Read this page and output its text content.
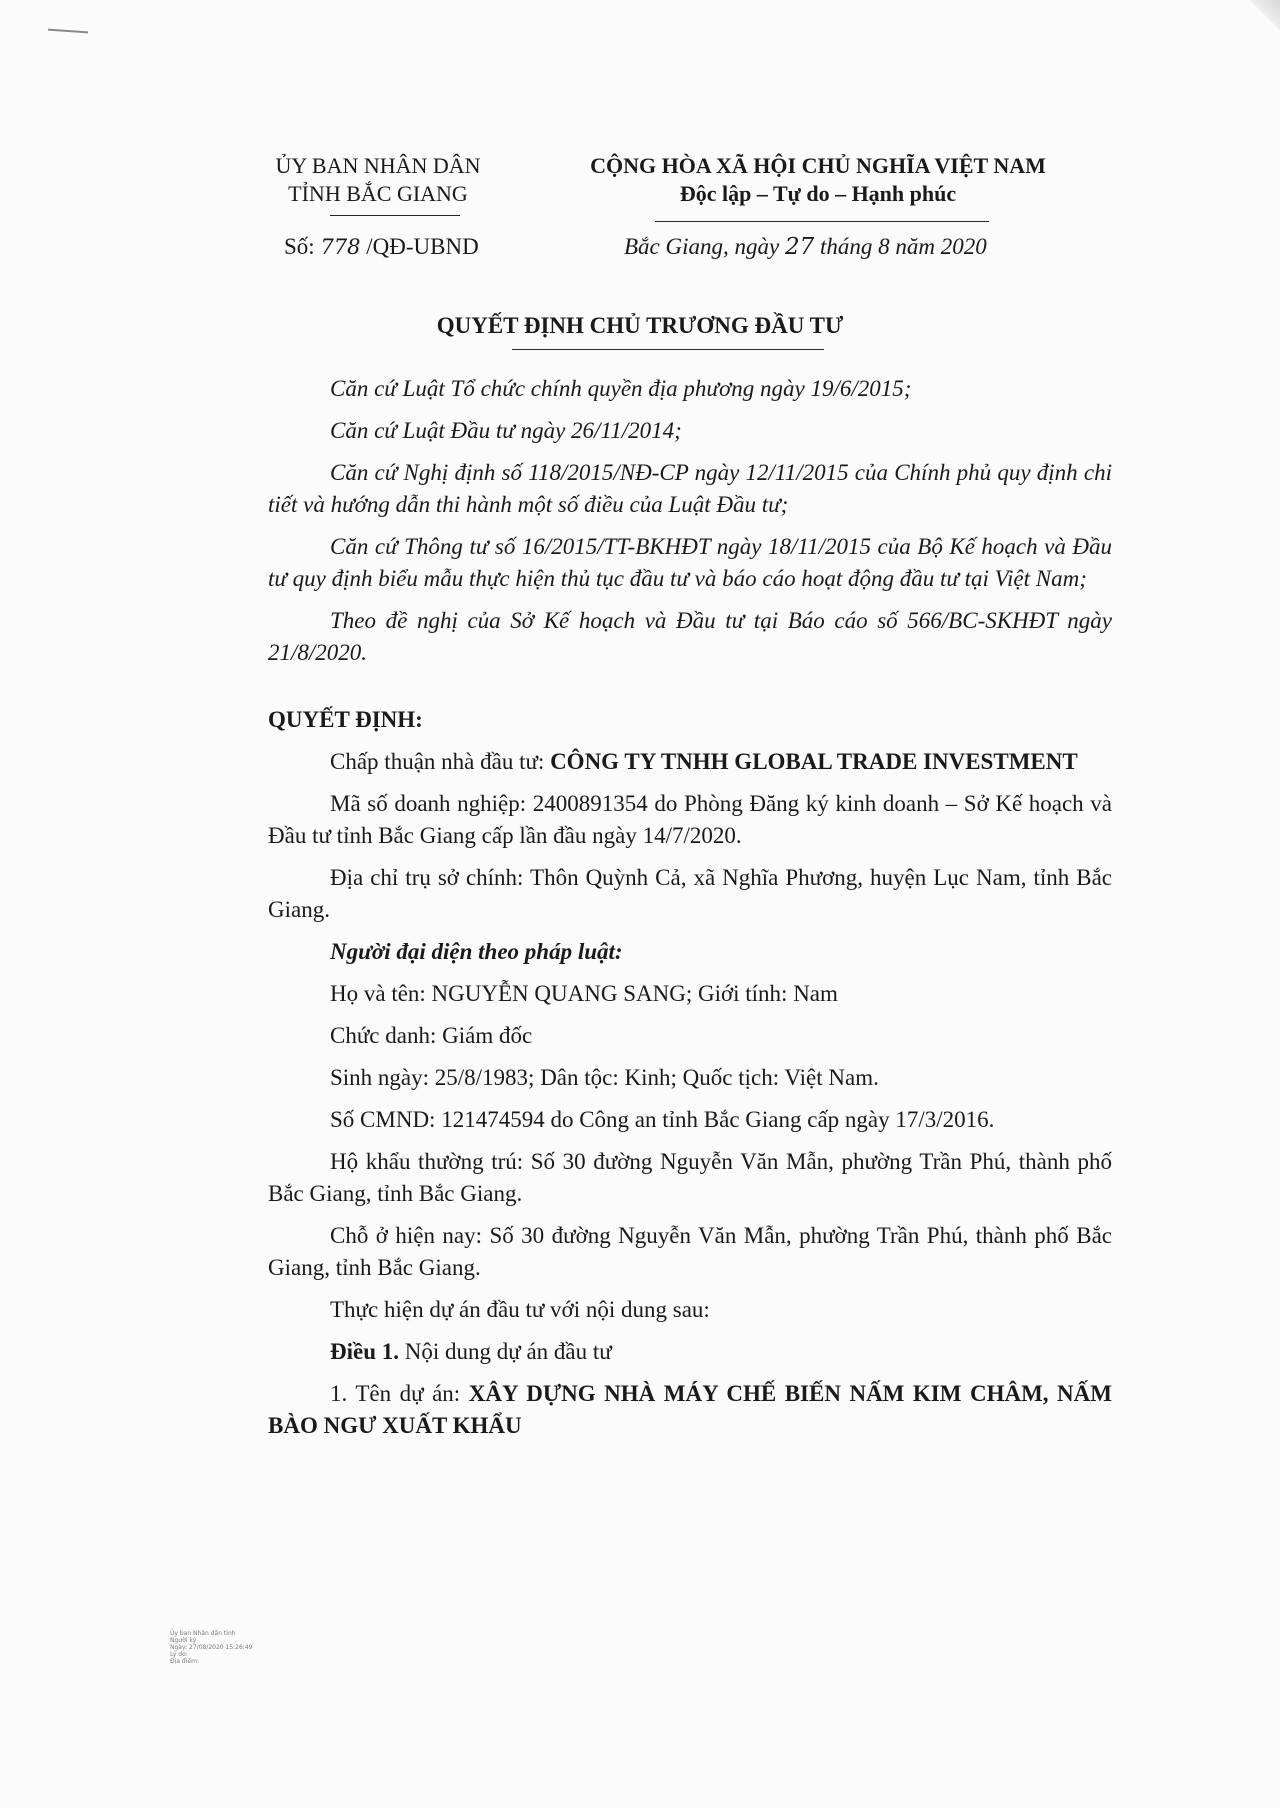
ỦY BAN NHÂN DÂN
TỈNH BẮC GIANG
CỘNG HÒA XÃ HỘI CHỦ NGHĨA VIỆT NAM
Độc lập – Tự do – Hạnh phúc
Số: 778 /QĐ-UBND	Bắc Giang, ngày 27 tháng 8 năm 2020
QUYẾT ĐỊNH CHỦ TRƯƠNG ĐẦU TƯ

Căn cứ Luật Tổ chức chính quyền địa phương ngày 19/6/2015;

Căn cứ Luật Đầu tư ngày 26/11/2014;

Căn cứ Nghị định số 118/2015/NĐ-CP ngày 12/11/2015 của Chính phủ quy định chi tiết và hướng dẫn thi hành một số điều của Luật Đầu tư;

Căn cứ Thông tư số 16/2015/TT-BKHĐT ngày 18/11/2015 của Bộ Kế hoạch và Đầu tư quy định biểu mẫu thực hiện thủ tục đầu tư và báo cáo hoạt động đầu tư tại Việt Nam;

Theo đề nghị của Sở Kế hoạch và Đầu tư tại Báo cáo số 566/BC-SKHĐT ngày 21/8/2020.

QUYẾT ĐỊNH:

Chấp thuận nhà đầu tư: CÔNG TY TNHH GLOBAL TRADE INVESTMENT

Mã số doanh nghiệp: 2400891354 do Phòng Đăng ký kinh doanh – Sở Kế hoạch và Đầu tư tỉnh Bắc Giang cấp lần đầu ngày 14/7/2020.

Địa chỉ trụ sở chính: Thôn Quỳnh Cả, xã Nghĩa Phương, huyện Lục Nam, tỉnh Bắc Giang.

Người đại diện theo pháp luật:

Họ và tên: NGUYỄN QUANG SANG; Giới tính: Nam

Chức danh: Giám đốc

Sinh ngày: 25/8/1983; Dân tộc: Kinh; Quốc tịch: Việt Nam.

Số CMND: 121474594 do Công an tỉnh Bắc Giang cấp ngày 17/3/2016.

Hộ khẩu thường trú: Số 30 đường Nguyễn Văn Mẫn, phường Trần Phú, thành phố Bắc Giang, tỉnh Bắc Giang.

Chỗ ở hiện nay: Số 30 đường Nguyễn Văn Mẫn, phường Trần Phú, thành phố Bắc Giang, tỉnh Bắc Giang.

Thực hiện dự án đầu tư với nội dung sau:

Điều 1. Nội dung dự án đầu tư

1. Tên dự án: XÂY DỰNG NHÀ MÁY CHẾ BIẾN NẤM KIM CHÂM, NẤM BÀO NGƯ XUẤT KHẨU

Ủy ban Nhân dân tỉnh
Người ký
Ngày: 27/08/2020 15:26:49
Lý do:
Địa điểm:
